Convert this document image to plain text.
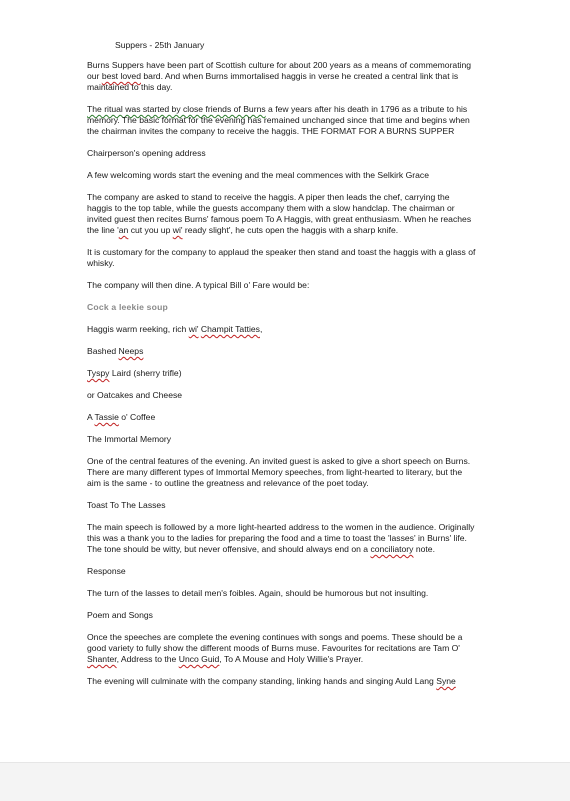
Suppers - 25th January

Burns Suppers have been part of Scottish culture for about 200 years as a means of commemorating our best loved bard. And when Burns immortalised haggis in verse he created a central link that is maintained to this day.

The ritual was started by close friends of Burns a few years after his death in 1796 as a tribute to his memory. The basic format for the evening has remained unchanged since that time and begins when the chairman invites the company to receive the haggis. THE FORMAT FOR A BURNS SUPPER

Chairperson's opening address

A few welcoming words start the evening and the meal commences with the Selkirk Grace

The company are asked to stand to receive the haggis. A piper then leads the chef, carrying the haggis to the top table, while the guests accompany them with a slow handclap. The chairman or invited guest then recites Burns' famous poem To A Haggis, with great enthusiasm. When he reaches the line 'an cut you up wi' ready slight', he cuts open the haggis with a sharp knife.

It is customary for the company to applaud the speaker then stand and toast the haggis with a glass of whisky.

The company will then dine. A typical Bill o' Fare would be:

Cock a leekie soup

Haggis warm reeking, rich wi' Champit Tatties,

Bashed Neeps

Tyspy Laird (sherry trifle)

or Oatcakes and Cheese

A Tassie o' Coffee

The Immortal Memory

One of the central features of the evening. An invited guest is asked to give a short speech on Burns. There are many different types of Immortal Memory speeches, from light-hearted to literary, but the aim is the same - to outline the greatness and relevance of the poet today.

Toast To The Lasses

The main speech is followed by a more light-hearted address to the women in the audience. Originally this was a thank you to the ladies for preparing the food and a time to toast the 'lasses' in Burns' life. The tone should be witty, but never offensive, and should always end on a conciliatory note.

Response

The turn of the lasses to detail men's foibles. Again, should be humorous but not insulting.

Poem and Songs

Once the speeches are complete the evening continues with songs and poems. These should be a good variety to fully show the different moods of Burns muse. Favourites for recitations are Tam O' Shanter, Address to the Unco Guid, To A Mouse and Holy Willie's Prayer.

The evening will culminate with the company standing, linking hands and singing Auld Lang Syne
